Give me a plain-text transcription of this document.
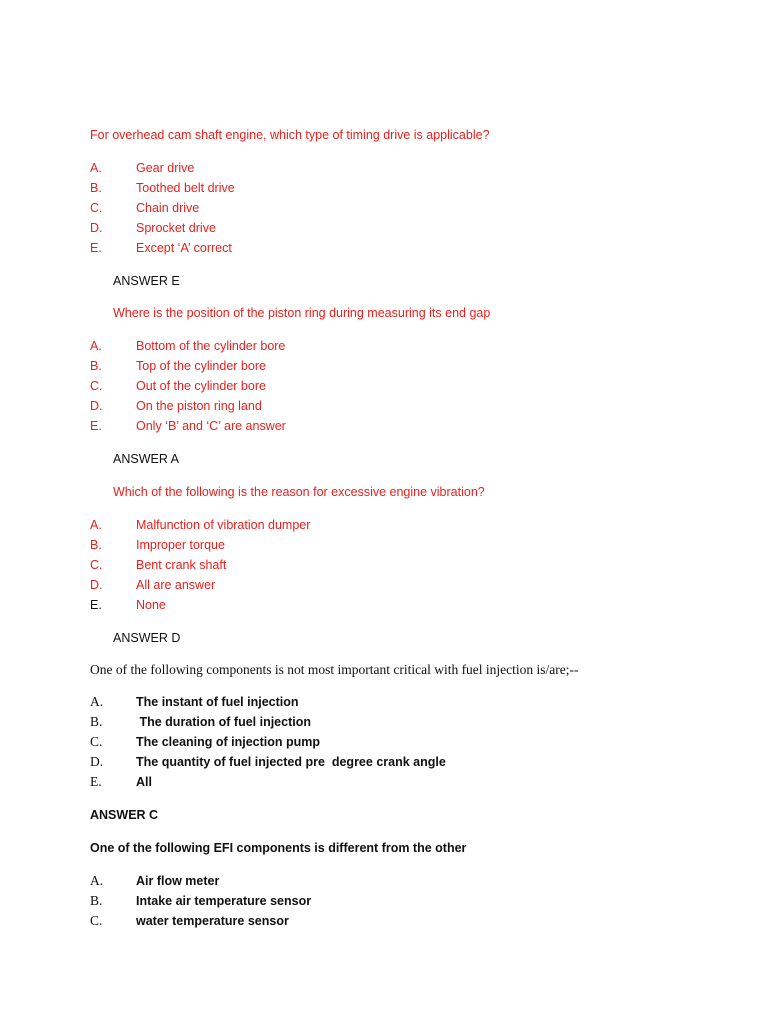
For overhead cam shaft engine, which type of timing drive is applicable?
A.	Gear drive
B.	Toothed belt drive
C.	Chain drive
D.	Sprocket drive
E.	Except ‘A’ correct
ANSWER E
Where is the position of the piston ring during measuring its end gap
A.	Bottom of the cylinder bore
B.	Top of the cylinder bore
C.	Out of the cylinder bore
D.	On the piston ring land
E.	Only ‘B’ and ‘C’ are answer
ANSWER A
Which of the following is the reason for excessive engine vibration?
A.	Malfunction of vibration dumper
B.	Improper torque
C.	Bent crank shaft
D.	All are answer
E.	None
ANSWER D
One of the following components is not most important critical with fuel injection is/are;--
A.	The instant of fuel injection
B.	The duration of fuel injection
C.	The cleaning of injection pump
D.	The quantity of fuel injected pre  degree crank angle
E.	All
ANSWER C
One of the following EFI components is different from the other
A.	Air flow meter
B.	Intake air temperature sensor
C.	water temperature sensor
